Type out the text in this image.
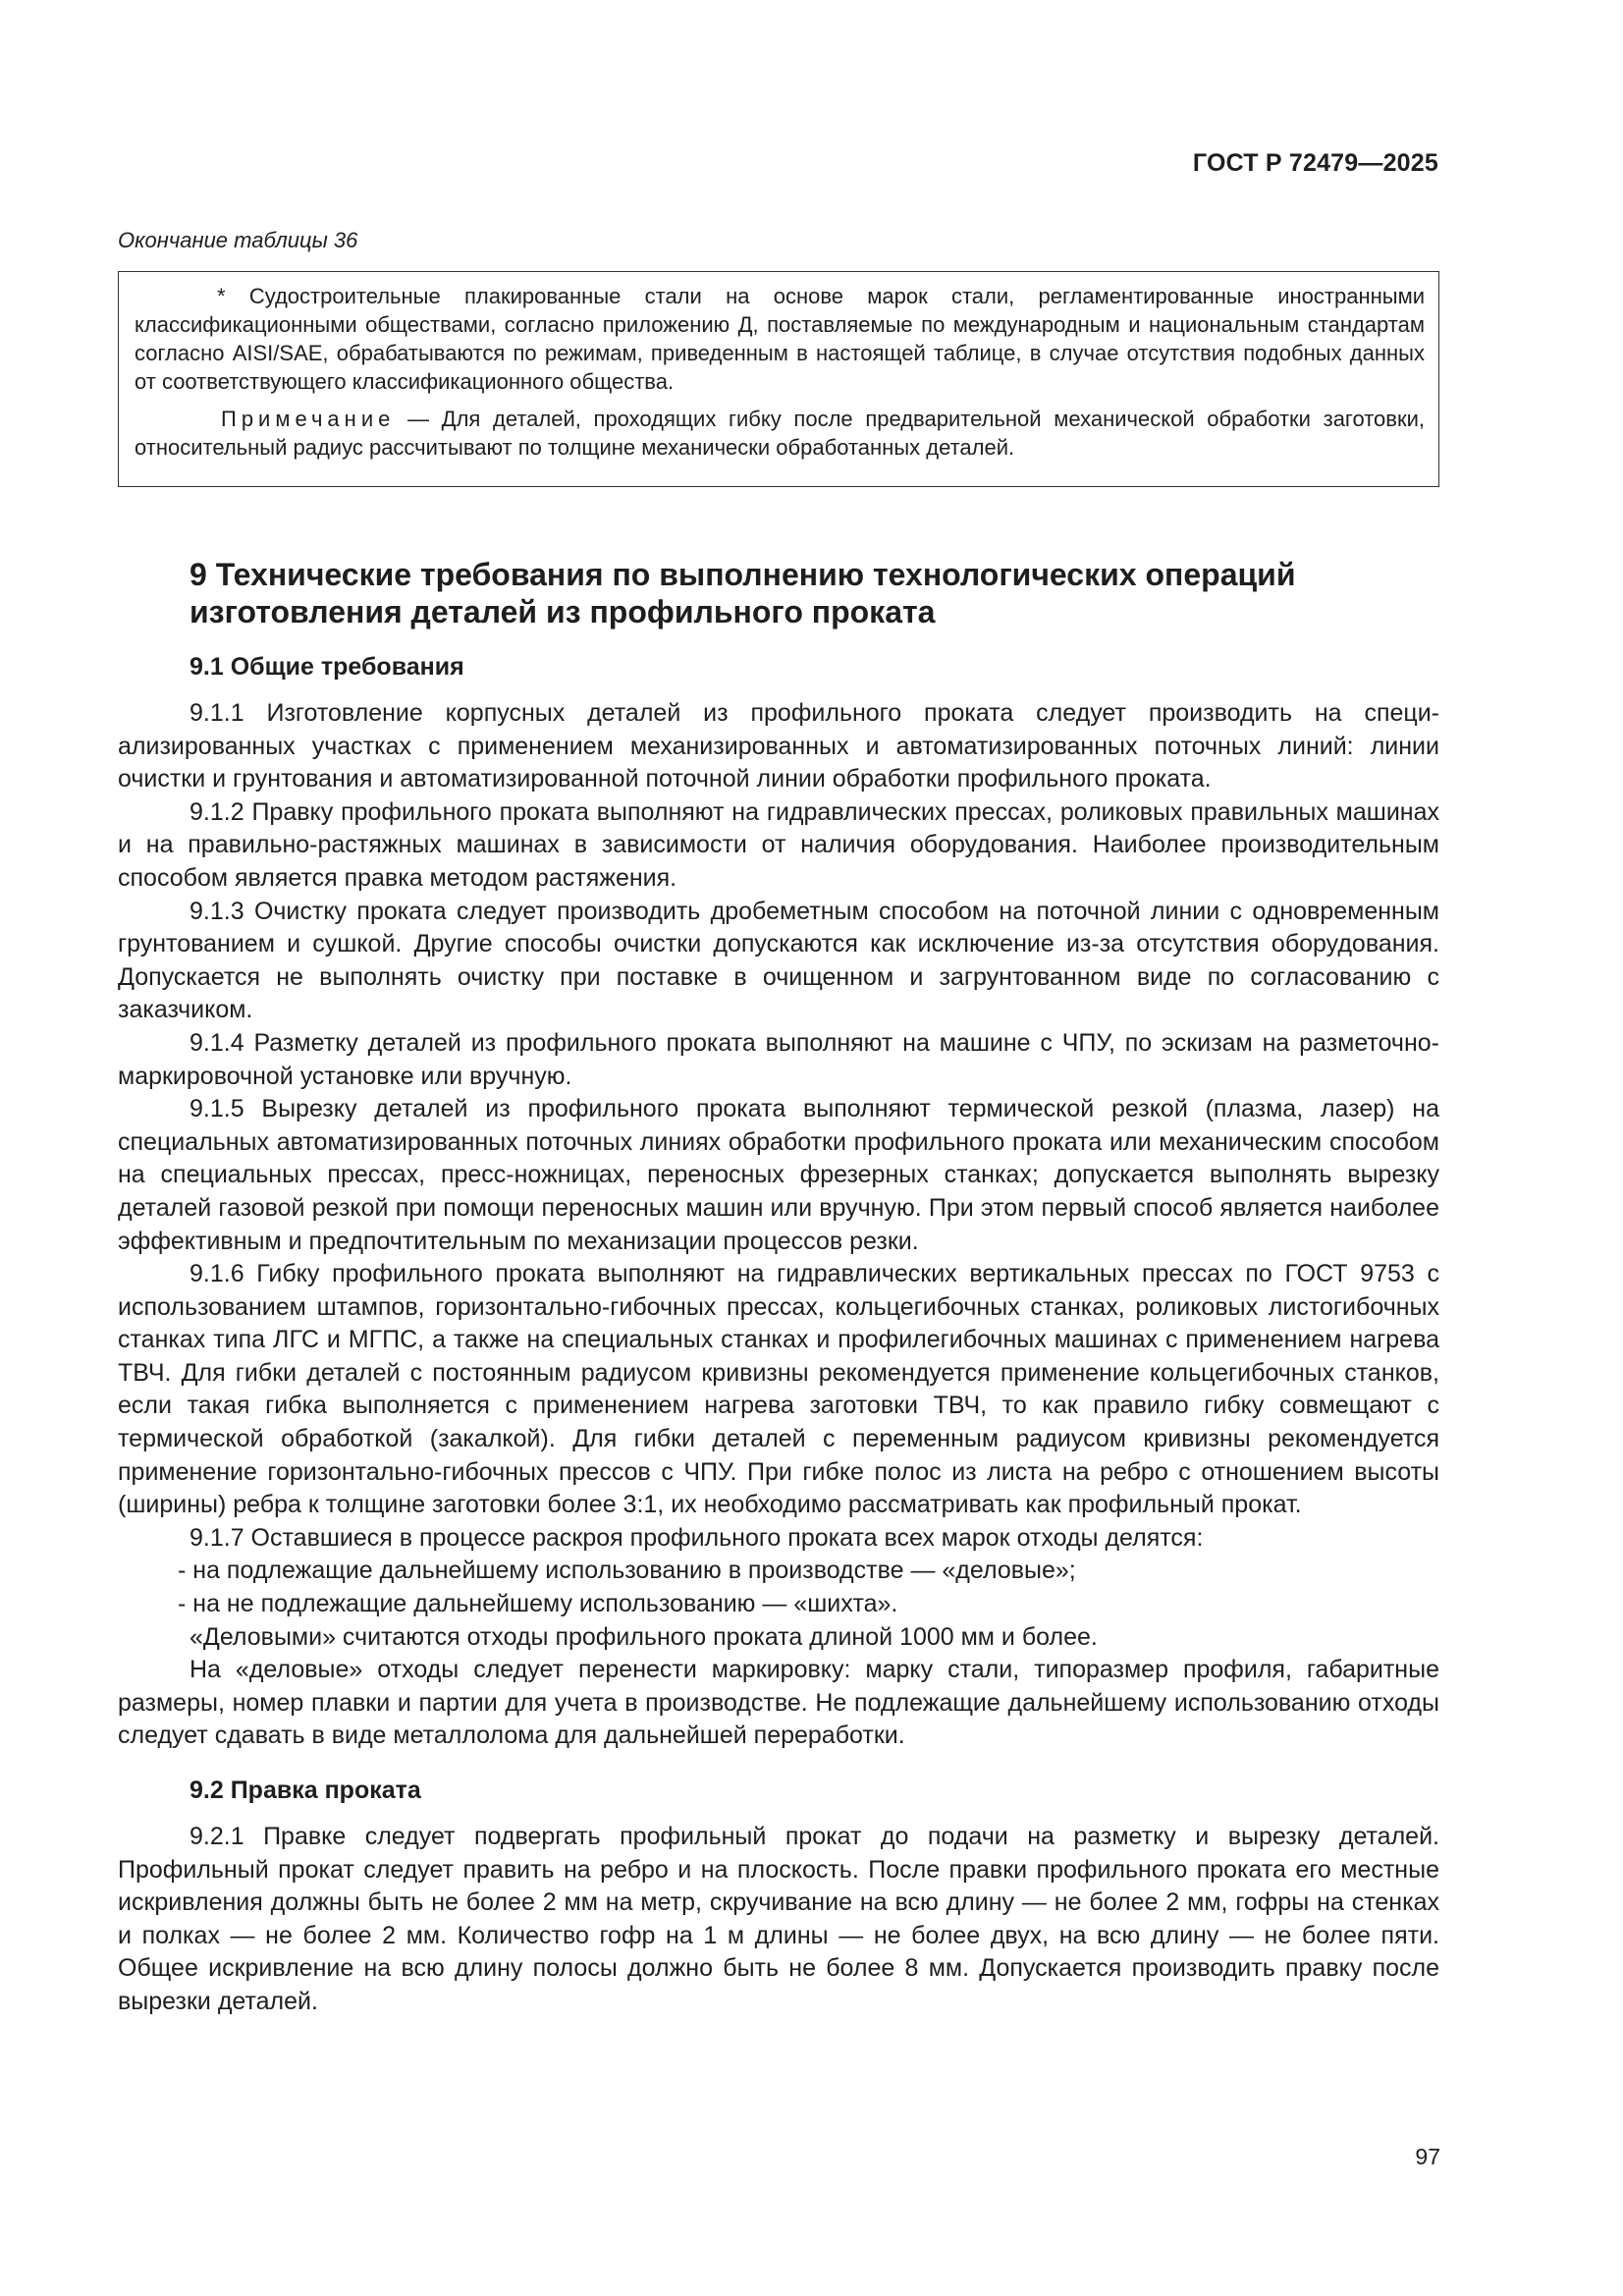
ГОСТ Р 72479—2025
Окончание таблицы 36

* Судостроительные плакированные стали на основе марок стали, регламентированные иностранными классификационными обществами, согласно приложению Д, поставляемые по международным и национальным стандартам согласно AISI/SAE, обрабатываются по режимам, приведенным в настоящей таблице, в случае отсутствия подобных данных от соответствующего классификационного общества.

Примечание — Для деталей, проходящих гибку после предварительной механической обработки заготовки, относительный радиус рассчитывают по толщине механически обработанных деталей.

9 Технические требования по выполнению технологических операций изготовления деталей из профильного проката
9.1 Общие требования

9.1.1 Изготовление корпусных деталей из профильного проката следует производить на специализированных участках с применением механизированных и автоматизированных поточных линий: линии очистки и грунтования и автоматизированной поточной линии обработки профильного проката.

9.1.2 Правку профильного проката выполняют на гидравлических прессах, роликовых правильных машинах и на правильно-растяжных машинах в зависимости от наличия оборудования. Наиболее производительным способом является правка методом растяжения.

9.1.3 Очистку проката следует производить дробеметным способом на поточной линии с одновременным грунтованием и сушкой. Другие способы очистки допускаются как исключение из-за отсутствия оборудования. Допускается не выполнять очистку при поставке в очищенном и загрунтованном виде по согласованию с заказчиком.

9.1.4 Разметку деталей из профильного проката выполняют на машине с ЧПУ, по эскизам на разметочно-маркировочной установке или вручную.

9.1.5 Вырезку деталей из профильного проката выполняют термической резкой (плазма, лазер) на специальных автоматизированных поточных линиях обработки профильного проката или механическим способом на специальных прессах, пресс-ножницах, переносных фрезерных станках; допускается выполнять вырезку деталей газовой резкой при помощи переносных машин или вручную. При этом первый способ является наиболее эффективным и предпочтительным по механизации процессов резки.

9.1.6 Гибку профильного проката выполняют на гидравлических вертикальных прессах по ГОСТ 9753 с использованием штампов, горизонтально-гибочных прессах, кольцегибочных станках, роликовых листогибочных станках типа ЛГС и МГПС, а также на специальных станках и профилегибочных машинах с применением нагрева ТВЧ. Для гибки деталей с постоянным радиусом кривизны рекомендуется применение кольцегибочных станков, если такая гибка выполняется с применением нагрева заготовки ТВЧ, то как правило гибку совмещают с термической обработкой (закалкой). Для гибки деталей с переменным радиусом кривизны рекомендуется применение горизонтально-гибочных прессов с ЧПУ. При гибке полос из листа на ребро с отношением высоты (ширины) ребра к толщине заготовки более 3:1, их необходимо рассматривать как профильный прокат.

9.1.7 Оставшиеся в процессе раскроя профильного проката всех марок отходы делятся:

- на подлежащие дальнейшему использованию в производстве — «деловые»;

- на не подлежащие дальнейшему использованию — «шихта».

«Деловыми» считаются отходы профильного проката длиной 1000 мм и более.

На «деловые» отходы следует перенести маркировку: марку стали, типоразмер профиля, габаритные размеры, номер плавки и партии для учета в производстве. Не подлежащие дальнейшему использованию отходы следует сдавать в виде металлолома для дальнейшей переработки.

9.2 Правка проката

9.2.1 Правке следует подвергать профильный прокат до подачи на разметку и вырезку деталей. Профильный прокат следует править на ребро и на плоскость. После правки профильного проката его местные искривления должны быть не более 2 мм на метр, скручивание на всю длину — не более 2 мм, гофры на стенках и полках — не более 2 мм. Количество гофр на 1 м длины — не более двух, на всю длину — не более пяти. Общее искривление на всю длину полосы должно быть не более 8 мм. Допускается производить правку после вырезки деталей.

97
